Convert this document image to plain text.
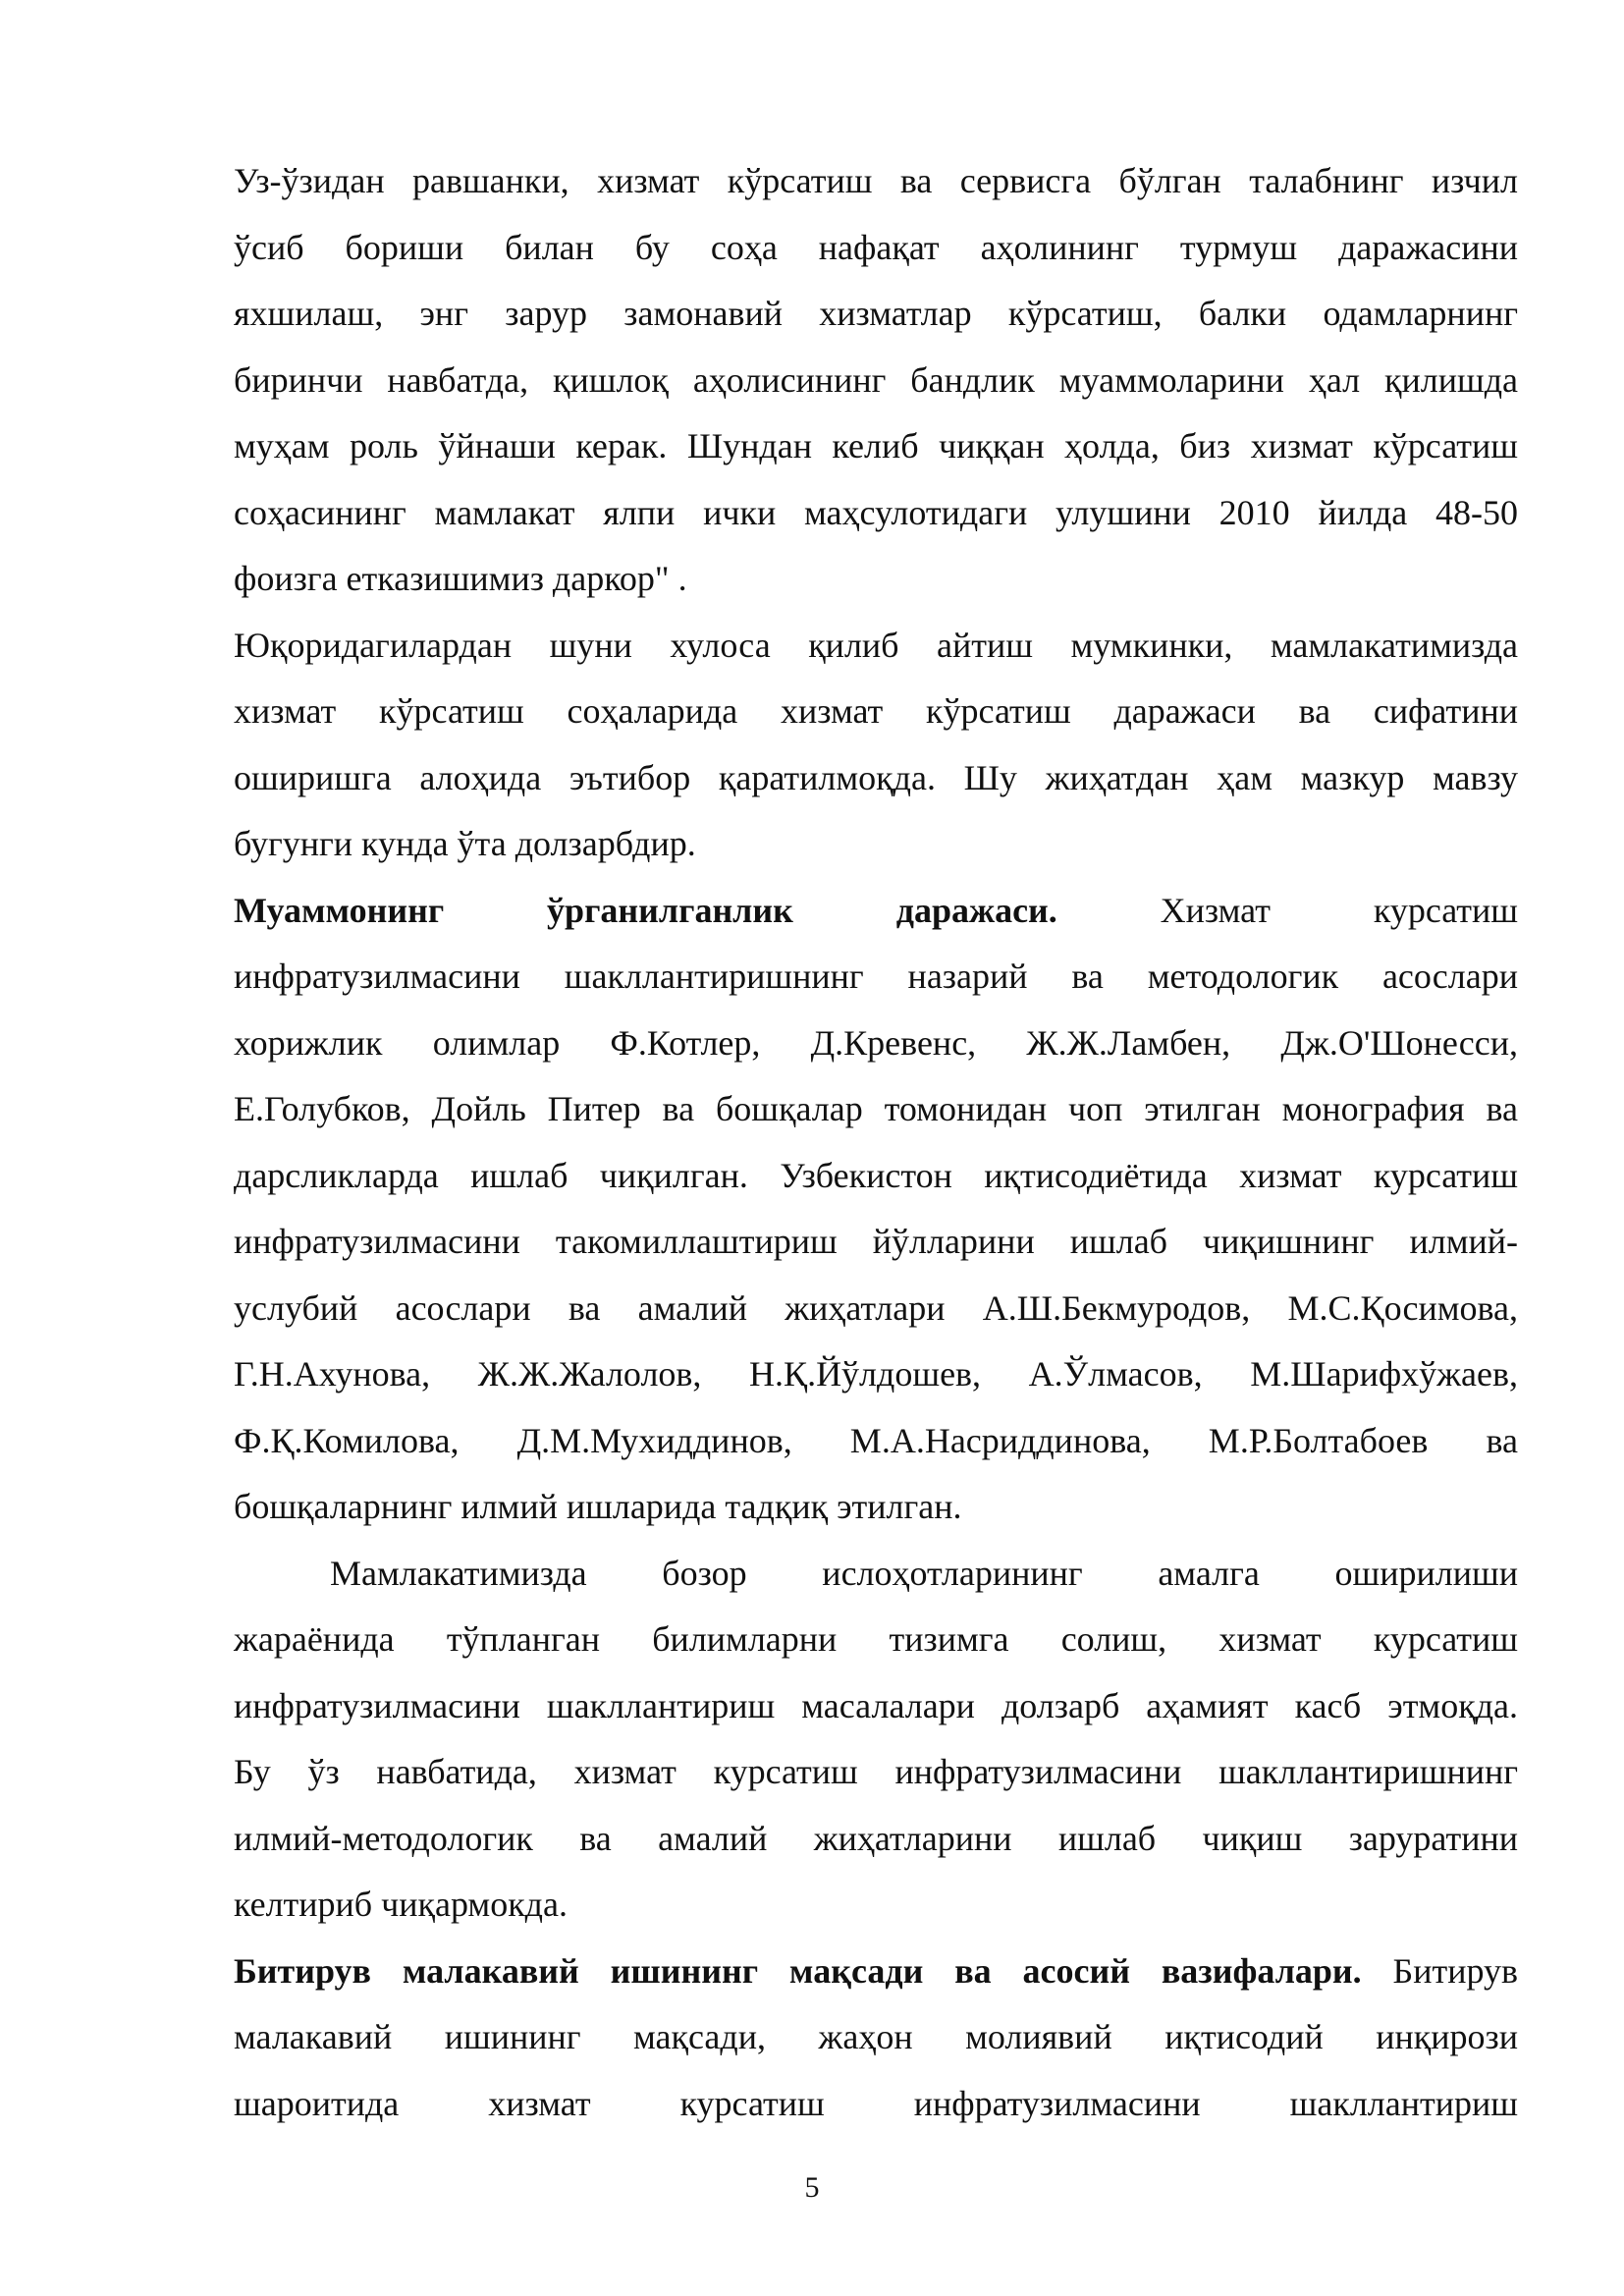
Уз-ўзидан равшанки, хизмат кўрсатиш ва сервисга бўлган талабнинг изчил
ўсиб бориши билан бу соҳа нафақат аҳолининг турмуш даражасини
яхшилаш, энг зарур замонавий хизматлар кўрсатиш, балки одамларнинг
биринчи навбатда, қишлоқ аҳолисининг бандлик муаммоларини ҳал қилишда
муҳам роль ўйнаши керак. Шундан келиб чиққан ҳолда, биз хизмат кўрсатиш
соҳасининг мамлакат ялпи ички маҳсулотидаги улушини 2010 йилда 48-50
фоизга етказишимиз даркор" .
Юқоридагилардан шуни хулоса қилиб айтиш мумкинки, мамлакатимизда
хизмат кўрсатиш соҳаларида хизмат кўрсатиш даражаси ва сифатини
оширишга алоҳида эътибор қаратилмоқда. Шу жиҳатдан ҳам мазкур мавзу
бугунги кунда ўта долзарбдир.
Муаммонинг ўрганилганлик даражаси.	Хизмат курсатиш
инфратузилмасини шакллантиришнинг назарий ва методологик асослари
хорижлик олимлар Ф.Котлер, Д.Кревенс, Ж.Ж.Ламбен, Дж.О'Шонесси,
Е.Голубков, Дойль Питер ва бошқалар томонидан чоп этилган монография ва
дарсликларда ишлаб чиқилган. Узбекистон иқтисодиётида хизмат курсатиш
инфратузилмасини такомиллаштириш йўлларини ишлаб чиқишнинг илмий-
услубий асослари ва амалий жиҳатлари А.Ш.Бекмуродов, М.С.Қосимова,
Г.Н.Ахунова, Ж.Ж.Жалолов, Н.Қ.Йўлдошев, А.Ўлмасов, М.Шарифхўжаев,
Ф.Қ.Комилова, Д.М.Мухиддинов, М.А.Насриддинова, М.Р.Болтабоев ва
бошқаларнинг илмий ишларида тадқиқ этилган.
Мамлакатимизда бозор ислоҳотларининг амалга оширилиши
жараёнида тўпланган билимларни тизимга солиш, хизмат курсатиш
инфратузилмасини шакллантириш масалалари долзарб аҳамият касб этмоқда.
Бу ўз навбатида, хизмат курсатиш инфратузилмасини шакллантиришнинг
илмий-методологик ва амалий жиҳатларини ишлаб чиқиш заруратини
келтириб чиқармокда.
Битирув малакавий ишининг мақсади ва асосий вазифалари. Битирув
малакавий ишининг мақсади, жаҳон молиявий иқтисодий инқирози
шароитида хизмат курсатиш инфратузилмасини шакллантириш
5
